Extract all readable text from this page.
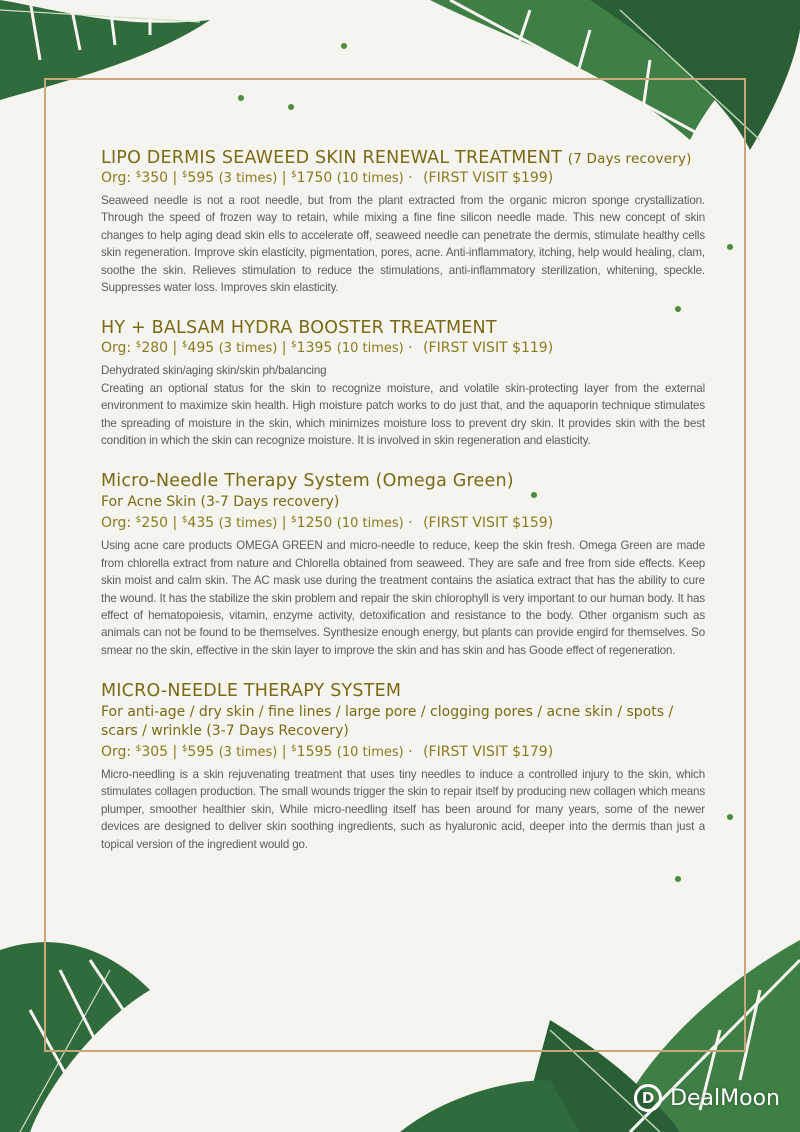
LIPO DERMIS SEAWEED SKIN RENEWAL TREATMENT (7 Days recovery)
Org: $350 | $595 (3 times) | $1750 (10 times) · (FIRST VISIT $199)

Seaweed needle is not a root needle, but from the plant extracted from the organic micron sponge crystallization. Through the speed of frozen way to retain, while mixing a fine fine silicon needle made. This new concept of skin changes to help aging dead skin ells to accelerate off, seaweed needle can penetrate the dermis, stimulate healthy cells skin regeneration. Improve skin elasticity, pigmentation, pores, acne. Anti-inflammatory, itching, help would healing, clam, soothe the skin. Relieves stimulation to reduce the stimulations, anti-inflammatory sterilization, whitening, speckle. Suppresses water loss. Improves skin elasticity.

HY + BALSAM HYDRA BOOSTER TREATMENT
Org: $280 | $495 (3 times) | $1395 (10 times) · (FIRST VISIT $119)

Dehydrated skin/aging skin/skin ph/balancing
Creating an optional status for the skin to recognize moisture, and volatile skin-protecting layer from the external environment to maximize skin health. High moisture patch works to do just that, and the aquaporin technique stimulates the spreading of moisture in the skin, which minimizes moisture loss to prevent dry skin. It provides skin with the best condition in which the skin can recognize moisture. It is involved in skin regeneration and elasticity.

Micro-Needle Therapy System (Omega Green)
For Acne Skin (3-7 Days recovery)
Org: $250 | $435 (3 times) | $1250 (10 times) · (FIRST VISIT $159)

Using acne care products OMEGA GREEN and micro-needle to reduce, keep the skin fresh. Omega Green are made from chlorella extract from nature and Chlorella obtained from seaweed. They are safe and free from side effects. Keep skin moist and calm skin. The AC mask use during the treatment contains the asiatica extract that has the ability to cure the wound. It has the stabilize the skin problem and repair the skin chlorophyll is very important to our human body. It has effect of hematopoiesis, vitamin, enzyme activity, detoxification and resistance to the body. Other organism such as animals can not be found to be themselves. Synthesize enough energy, but plants can provide engird for themselves. So smear no the skin, effective in the skin layer to improve the skin and has skin and has Goode effect of regeneration.

MICRO-NEEDLE THERAPY SYSTEM
For anti-age / dry skin / fine lines / large pore / clogging pores / acne skin / spots / scars / wrinkle (3-7 Days Recovery)
Org: $305 | $595 (3 times) | $1595 (10 times) · (FIRST VISIT $179)

Micro-needling is a skin rejuvenating treatment that uses tiny needles to induce a controlled injury to the skin, which stimulates collagen production. The small wounds trigger the skin to repair itself by producing new collagen which means plumper, smoother healthier skin, While micro-needling itself has been around for many years, some of the newer devices are designed to deliver skin soothing ingredients, such as hyaluronic acid, deeper into the dermis than just a topical version of the ingredient would go.

D DealMoon
